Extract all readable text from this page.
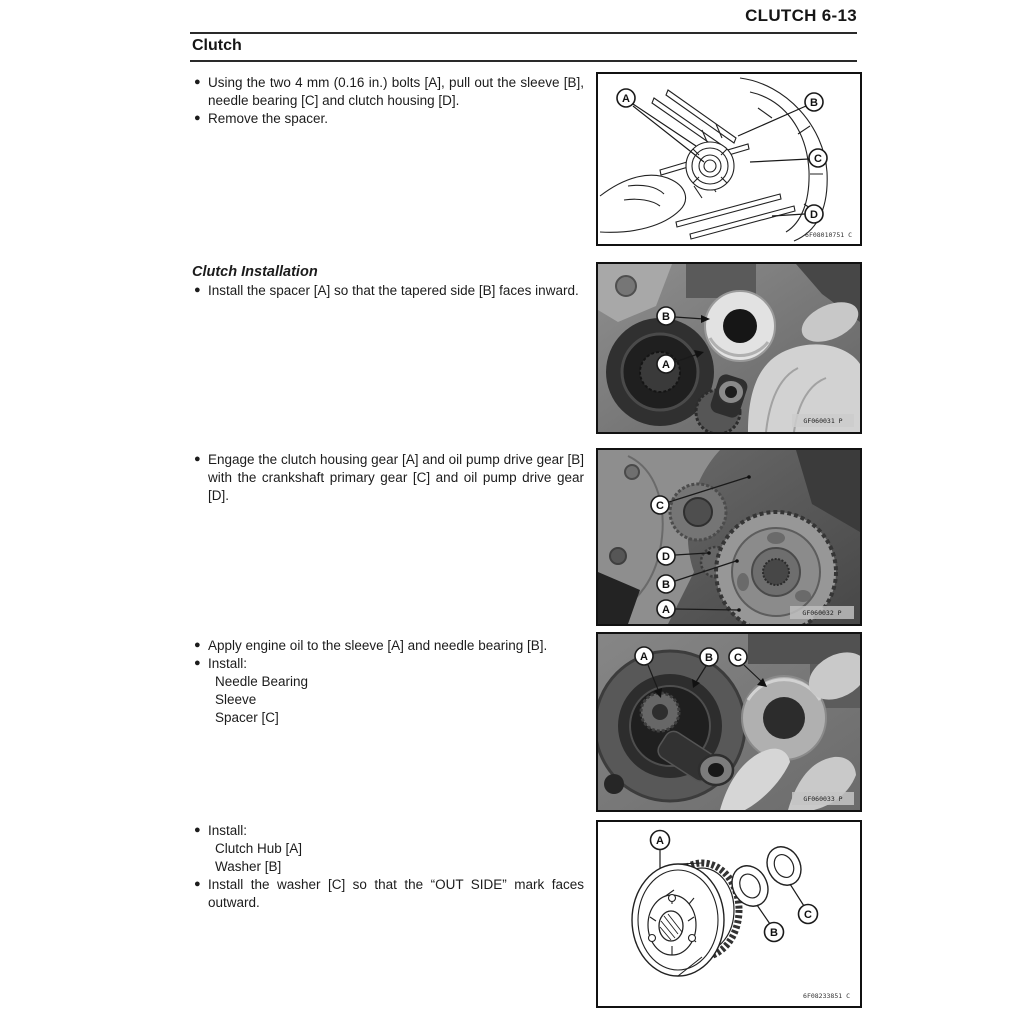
CLUTCH 6-13
Clutch
● Using the two 4 mm (0.16 in.) bolts [A], pull out the sleeve [B], needle bearing [C] and clutch housing [D].
● Remove the spacer.
A	B
C
D
6F08010751 C
Clutch Installation
● Install the spacer [A] so that the tapered side [B] faces inward.
B
A
GF060031 P
● Engage the clutch housing gear [A] and oil pump drive gear [B] with the crankshaft primary gear [C] and oil pump drive gear [D].
C
D
B
A	GF060032 P
● Apply engine oil to the sleeve [A] and needle bearing [B].
● Install:
Needle Bearing
Sleeve
Spacer [C]
A	B C
GF060033 P
● Install:
Clutch Hub [A]
Washer [B]
● Install the washer [C] so that the “OUT SIDE” mark faces outward.
A
B
C
6F08233851 C
